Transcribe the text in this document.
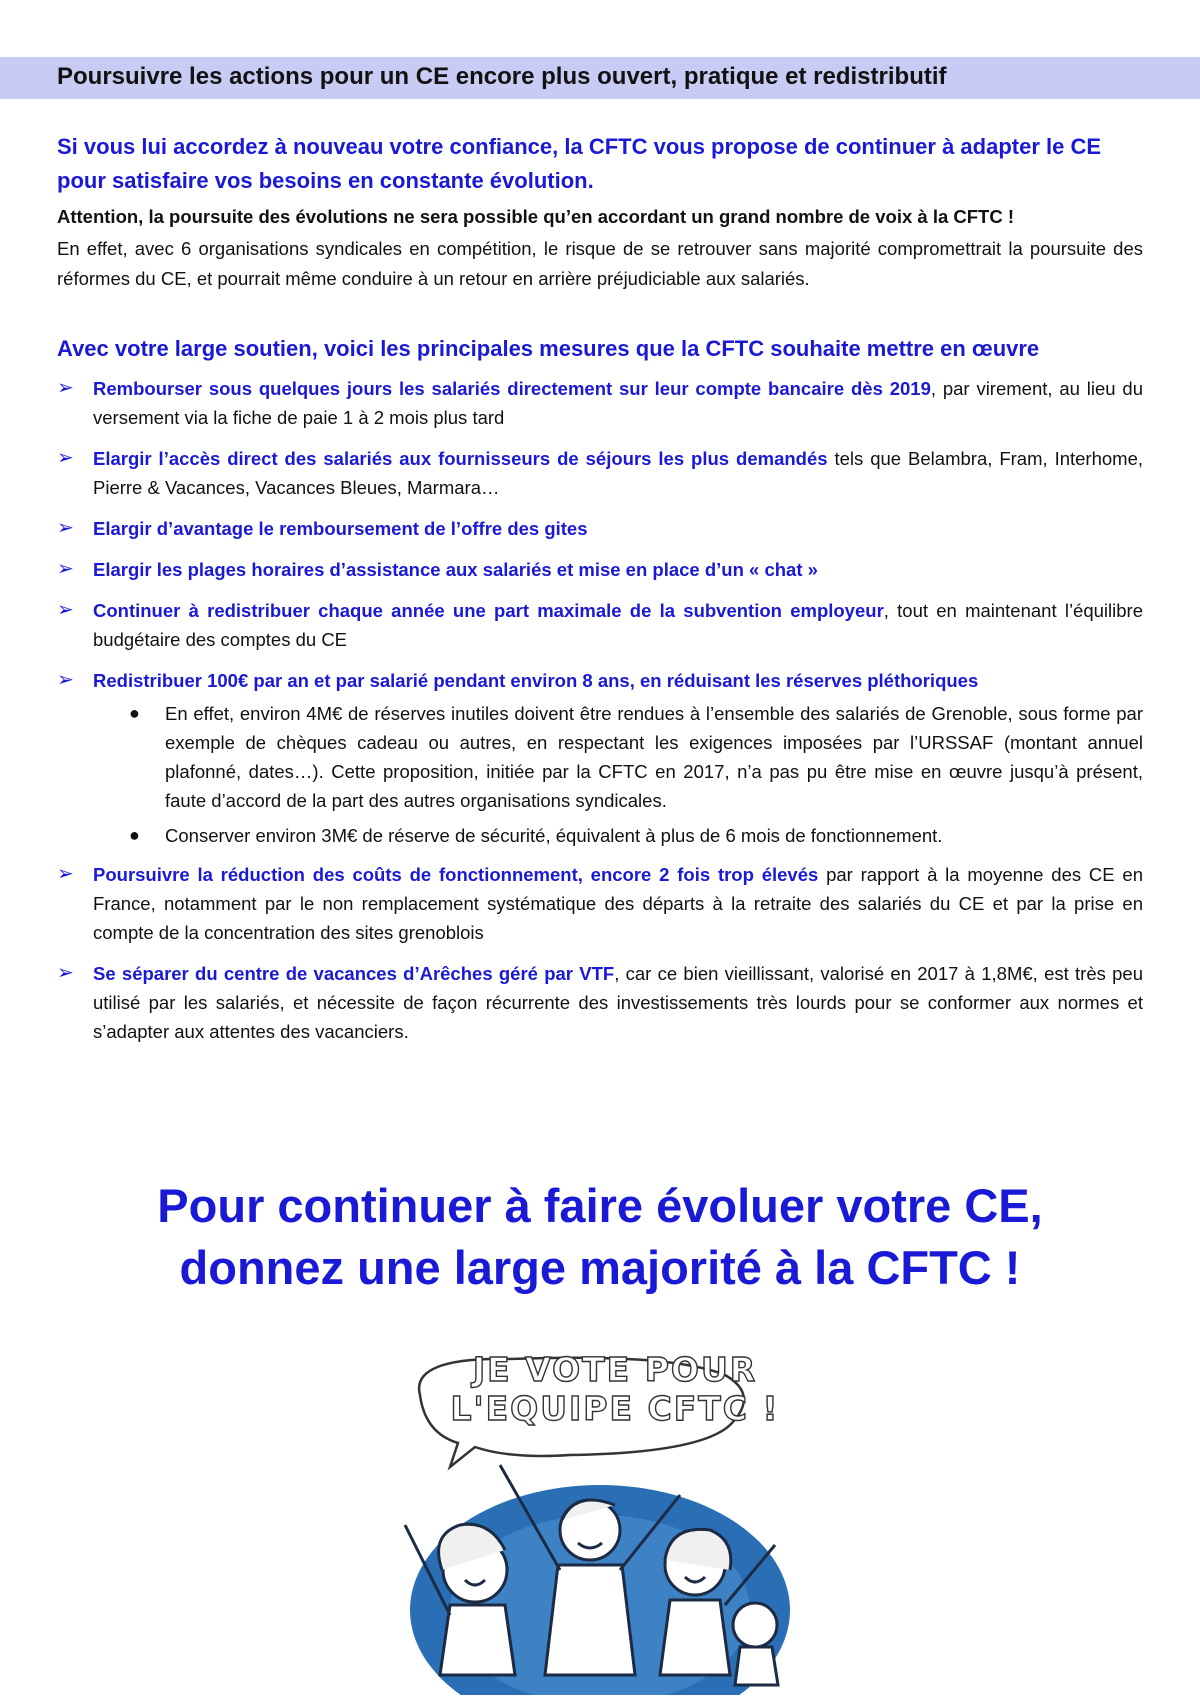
Poursuivre les actions pour un CE encore plus ouvert, pratique et redistributif

Si vous lui accordez à nouveau votre confiance, la CFTC vous propose de continuer à adapter le CE pour satisfaire vos besoins en constante évolution.

Attention, la poursuite des évolutions ne sera possible qu’en accordant un grand nombre de voix à la CFTC !

En effet, avec 6 organisations syndicales en compétition, le risque de se retrouver sans majorité compromettrait la poursuite des réformes du CE, et pourrait même conduire à un retour en arrière préjudiciable aux salariés.

Avec votre large soutien, voici les principales mesures que la CFTC souhaite mettre en œuvre
➢ Rembourser sous quelques jours les salariés directement sur leur compte bancaire dès 2019, par virement, au lieu du versement via la fiche de paie 1 à 2 mois plus tard
➢ Elargir l’accès direct des salariés aux fournisseurs de séjours les plus demandés tels que Belambra, Fram, Interhome, Pierre & Vacances, Vacances Bleues, Marmara…
➢ Elargir d’avantage le remboursement de l’offre des gites
➢ Elargir les plages horaires d’assistance aux salariés et mise en place d’un « chat »
➢ Continuer à redistribuer chaque année une part maximale de la subvention employeur, tout en maintenant l’équilibre budgétaire des comptes du CE
➢ Redistribuer 100€ par an et par salarié pendant environ 8 ans, en réduisant les réserves pléthoriques
● En effet, environ 4M€ de réserves inutiles doivent être rendues à l’ensemble des salariés de Grenoble, sous forme par exemple de chèques cadeau ou autres, en respectant les exigences imposées par l’URSSAF (montant annuel plafonné, dates…). Cette proposition, initiée par la CFTC en 2017, n’a pas pu être mise en œuvre jusqu’à présent, faute d’accord de la part des autres organisations syndicales.
● Conserver environ 3M€ de réserve de sécurité, équivalent à plus de 6 mois de fonctionnement.
➢ Poursuivre la réduction des coûts de fonctionnement, encore 2 fois trop élevés par rapport à la moyenne des CE en France, notamment par le non remplacement systématique des départs à la retraite des salariés du CE et par la prise en compte de la concentration des sites grenoblois
➢ Se séparer du centre de vacances d’Arêches géré par VTF, car ce bien vieillissant, valorisé en 2017 à 1,8M€, est très peu utilisé par les salariés, et nécessite de façon récurrente des investissements très lourds pour se conformer aux normes et s’adapter aux attentes des vacanciers.
Pour continuer à faire évoluer votre CE,
donnez une large majorité à la CFTC !
JE VOTE POUR
L'EQUIPE CFTC !
